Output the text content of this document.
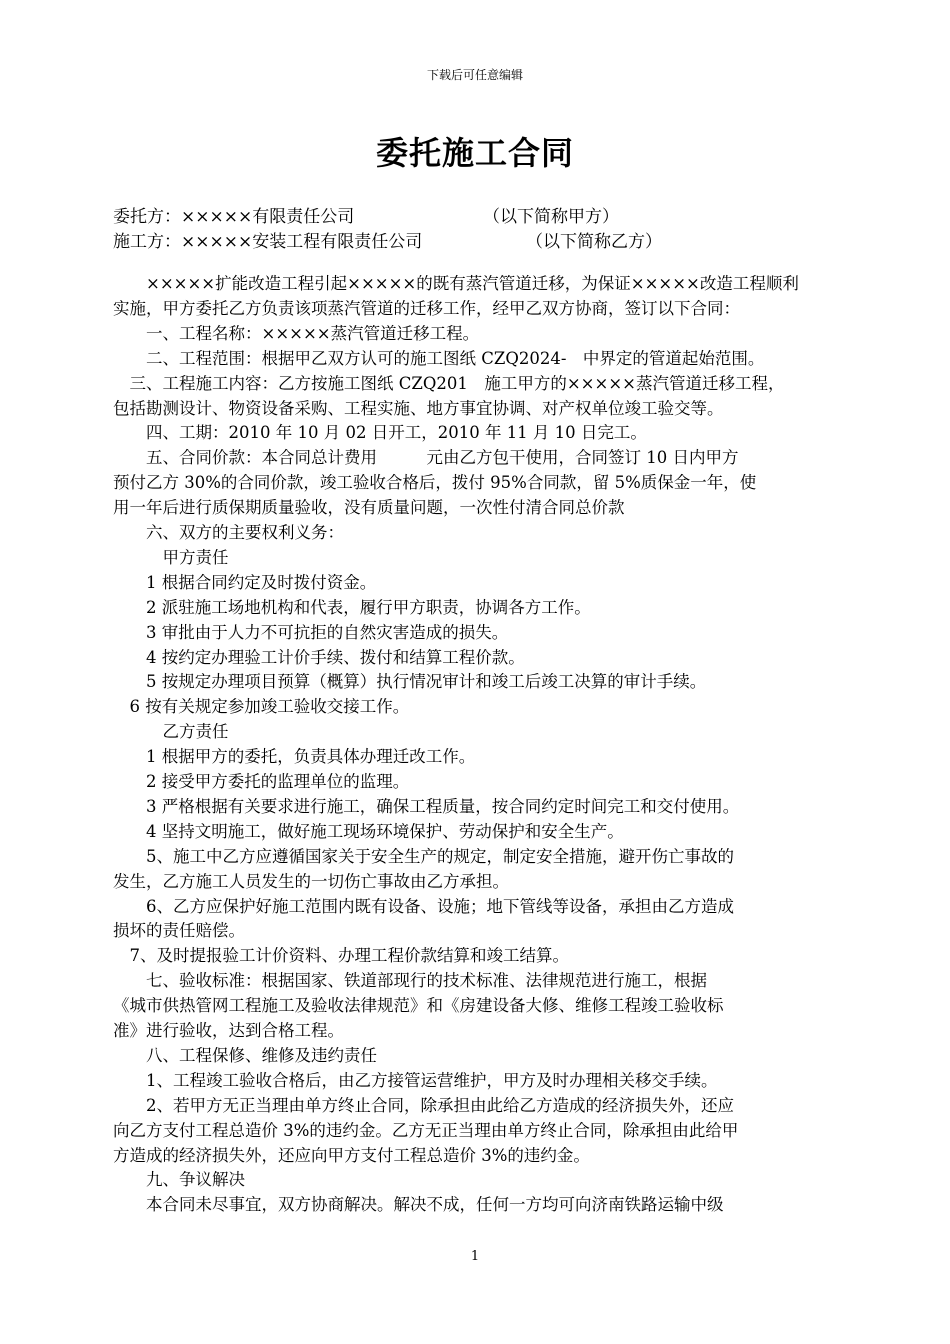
下载后可任意编辑
委托施工合同
委托方：×××××有限责任公司	（以下简称甲方）
施工方：×××××安装工程有限责任公司	（以下简称乙方）
　　×××××扩能改造工程引起×××××的既有蒸汽管道迁移，为保证×××××改造工程顺利
实施，甲方委托乙方负责该项蒸汽管道的迁移工作，经甲乙双方协商，签订以下合同：
　　一、工程名称：×××××蒸汽管道迁移工程。
　　二、工程范围：根据甲乙双方认可的施工图纸 CZQ2024-　中界定的管道起始范围。
　三、工程施工内容：乙方按施工图纸 CZQ201　施工甲方的×××××蒸汽管道迁移工程，
包括勘测设计、物资设备采购、工程实施、地方事宜协调、对产权单位竣工验交等。
　　四、工期：2010 年 10 月 02 日开工，2010 年 11 月 10 日完工。
　　五、合同价款：本合同总计费用　　　元由乙方包干使用，合同签订 10 日内甲方
预付乙方 30%的合同价款，竣工验收合格后，拨付 95%合同款，留 5%质保金一年，使
用一年后进行质保期质量验收，没有质量问题，一次性付清合同总价款
　　六、双方的主要权利义务：
　　　甲方责任
　　1 根据合同约定及时拨付资金。
　　2 派驻施工场地机构和代表，履行甲方职责，协调各方工作。
　　3 审批由于人力不可抗拒的自然灾害造成的损失。
　　4 按约定办理验工计价手续、拨付和结算工程价款。
　　5 按规定办理项目预算（概算）执行情况审计和竣工后竣工决算的审计手续。
　6 按有关规定参加竣工验收交接工作。
　　　乙方责任
　　1 根据甲方的委托，负责具体办理迁改工作。
　　2 接受甲方委托的监理单位的监理。
　　3 严格根据有关要求进行施工，确保工程质量，按合同约定时间完工和交付使用。
　　4 坚持文明施工，做好施工现场环境保护、劳动保护和安全生产。
　　5、施工中乙方应遵循国家关于安全生产的规定，制定安全措施，避开伤亡事故的
发生，乙方施工人员发生的一切伤亡事故由乙方承担。
　　6、乙方应保护好施工范围内既有设备、设施；地下管线等设备，承担由乙方造成
损坏的责任赔偿。
　7、及时提报验工计价资料、办理工程价款结算和竣工结算。
　　七、验收标准：根据国家、铁道部现行的技术标准、法律规范进行施工，根据
《城市供热管网工程施工及验收法律规范》和《房建设备大修、维修工程竣工验收标
准》进行验收，达到合格工程。
　　八、工程保修、维修及违约责任
　　1、工程竣工验收合格后，由乙方接管运营维护，甲方及时办理相关移交手续。
　　2、若甲方无正当理由单方终止合同，除承担由此给乙方造成的经济损失外，还应
向乙方支付工程总造价 3%的违约金。乙方无正当理由单方终止合同，除承担由此给甲
方造成的经济损失外，还应向甲方支付工程总造价 3%的违约金。
　　九、争议解决
　　本合同未尽事宜，双方协商解决。解决不成，任何一方均可向济南铁路运输中级
1
